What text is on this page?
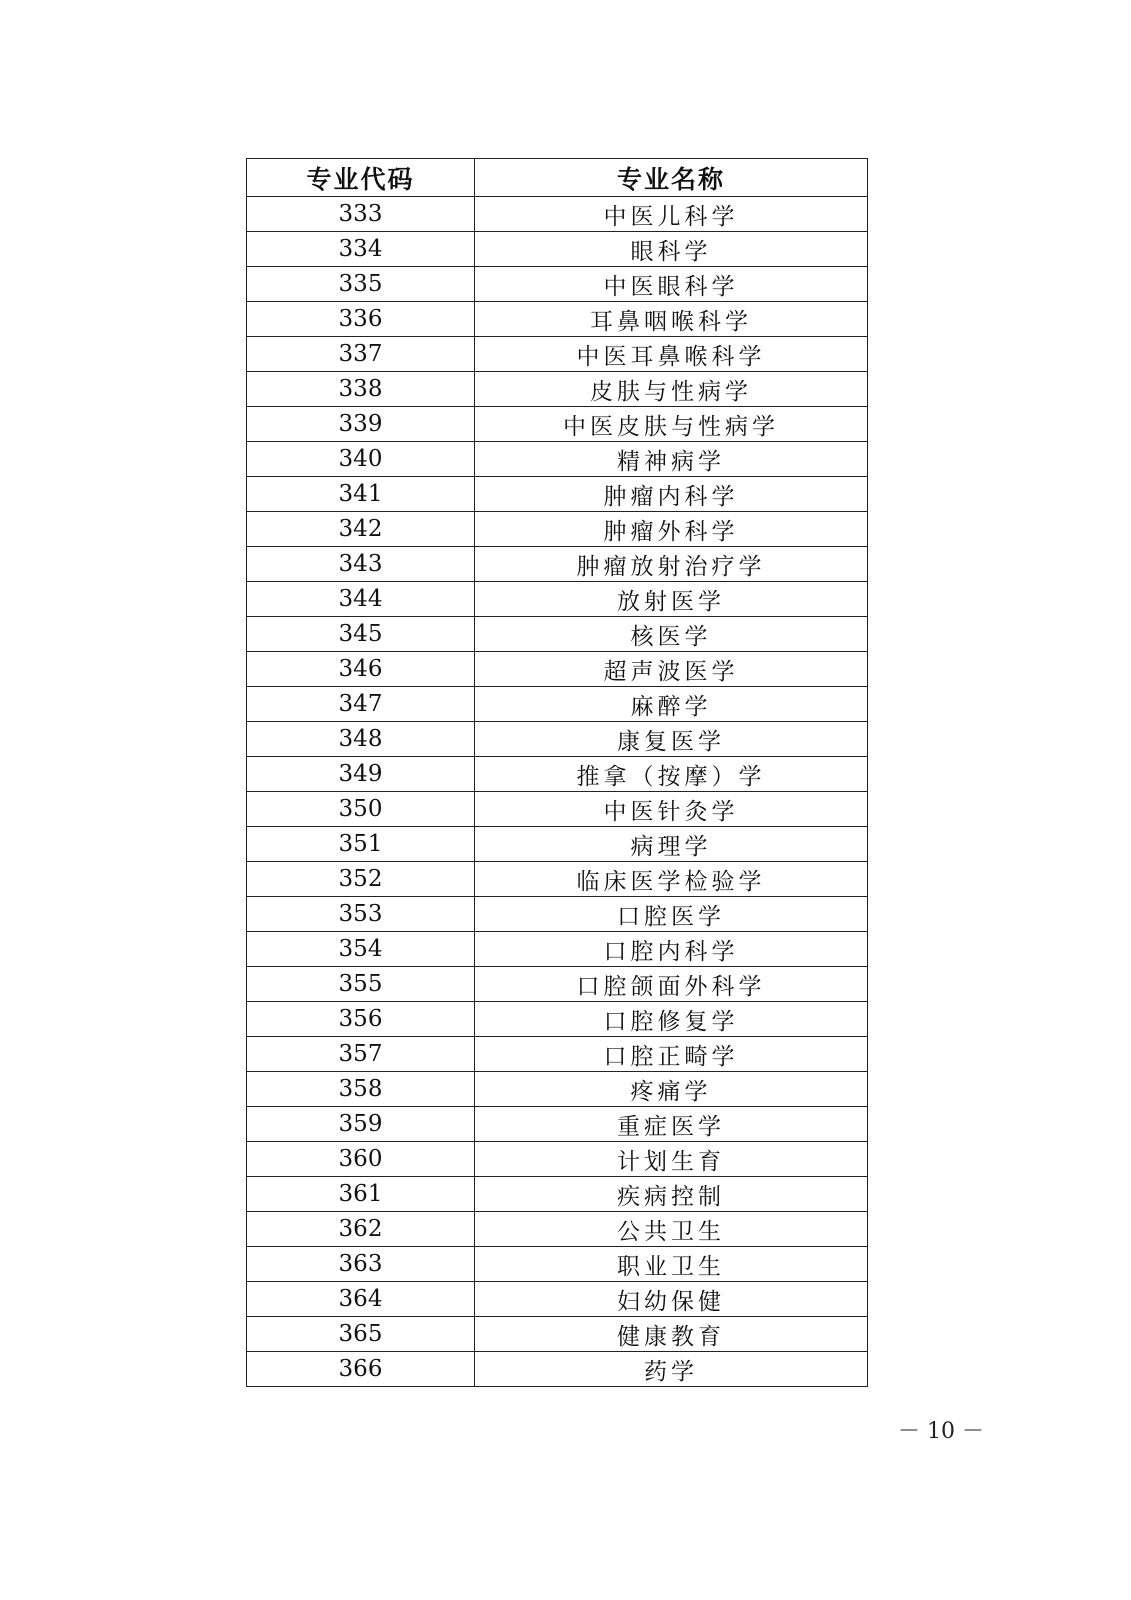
专业代码	专业名称
333	中医儿科学
334	眼科学
335	中医眼科学
336	耳鼻咽喉科学
337	中医耳鼻喉科学
338	皮肤与性病学
339	中医皮肤与性病学
340	精神病学
341	肿瘤内科学
342	肿瘤外科学
343	肿瘤放射治疗学
344	放射医学
345	核医学
346	超声波医学
347	麻醉学
348	康复医学
349	推拿（按摩）学
350	中医针灸学
351	病理学
352	临床医学检验学
353	口腔医学
354	口腔内科学
355	口腔颌面外科学
356	口腔修复学
357	口腔正畸学
358	疼痛学
359	重症医学
360	计划生育
361	疾病控制
362	公共卫生
363	职业卫生
364	妇幼保健
365	健康教育
366	药学
－ 10 －
